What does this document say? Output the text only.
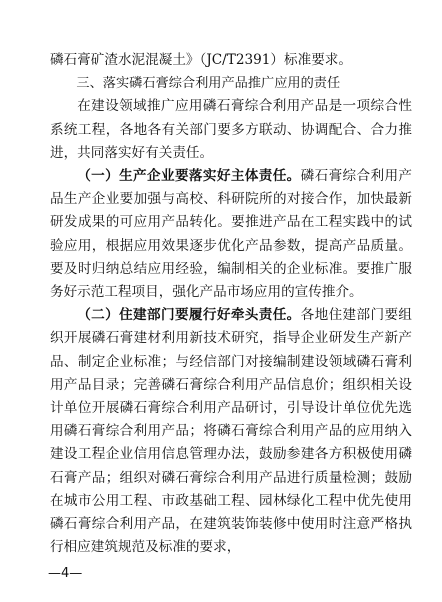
磷石膏矿渣水泥混凝土》（JC/T2391）标准要求。

三、落实磷石膏综合利用产品推广应用的责任

在建设领域推广应用磷石膏综合利用产品是一项综合性系统工程，各地各有关部门要多方联动、协调配合、合力推进，共同落实好有关责任。

（一）生产企业要落实好主体责任。磷石膏综合利用产品生产企业要加强与高校、科研院所的对接合作，加快最新研发成果的可应用产品转化。要推进产品在工程实践中的试验应用，根据应用效果逐步优化产品参数，提高产品质量。要及时归纳总结应用经验，编制相关的企业标准。要推广服务好示范工程项目，强化产品市场应用的宣传推介。

（二）住建部门要履行好牵头责任。各地住建部门要组织开展磷石膏建材利用新技术研究，指导企业研发生产新产品、制定企业标准；与经信部门对接编制建设领域磷石膏利用产品目录；完善磷石膏综合利用产品信息价；组织相关设计单位开展磷石膏综合利用产品研讨，引导设计单位优先选用磷石膏综合利用产品；将磷石膏综合利用产品的应用纳入建设工程企业信用信息管理办法，鼓励参建各方积极使用磷石膏产品；组织对磷石膏综合利用产品进行质量检测；鼓励在城市公用工程、市政基础工程、园林绿化工程中优先使用磷石膏综合利用产品，在建筑装饰装修中使用时注意严格执行相应建筑规范及标准的要求，

—4—
